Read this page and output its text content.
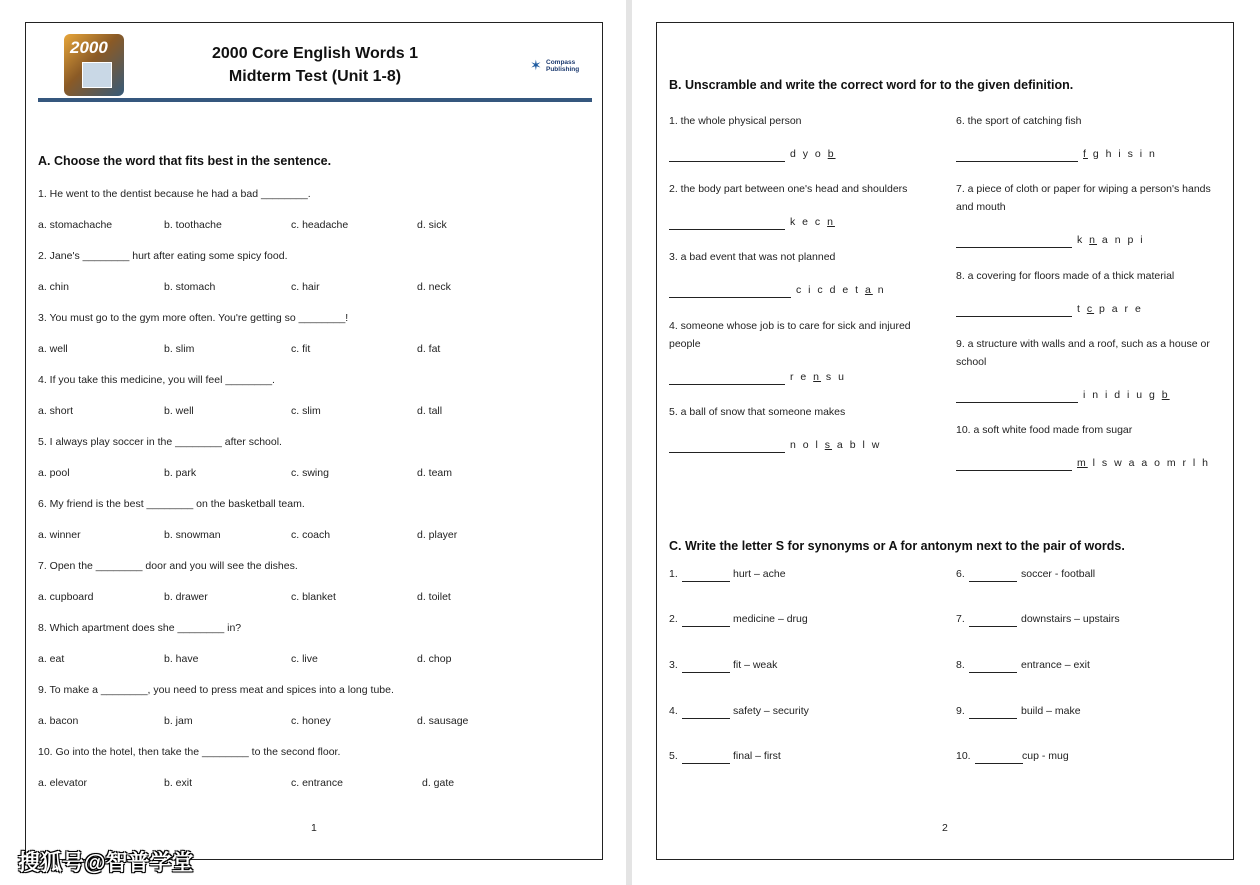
2000	2000 Core English Words 1
Midterm Test (Unit 1-8)
✶ Compass
Publishing
A. Choose the word that fits best in the sentence.
1. He went to the dentist because he had a bad ________.
a. stomachache	b. toothache	c. headache	d. sick
2. Jane's ________ hurt after eating some spicy food.
a. chin	b. stomach	c. hair	d. neck
3. You must go to the gym more often. You're getting so ________!
a. well	b. slim	c. fit	d. fat
4. If you take this medicine, you will feel ________.
a. short	b. well	c. slim	d. tall
5. I always play soccer in the ________ after school.
a. pool	b. park	c. swing	d. team
6. My friend is the best ________ on the basketball team.
a. winner	b. snowman	c. coach	d. player
7. Open the ________ door and you will see the dishes.
a. cupboard	b. drawer	c. blanket	d. toilet
8. Which apartment does she ________ in?
a. eat	b. have	c. live	d. chop
9. To make a ________, you need to press meat and spices into a long tube.
a. bacon	b. jam	c. honey	d. sausage
10. Go into the hotel, then take the ________ to the second floor.
a. elevator	b. exit	c. entrance	d. gate
1
B. Unscramble and write the correct word for to the given definition.
1. the whole physical person
d y o b
2. the body part between one's head and shoulders
k e c n
3. a bad event that was not planned
c i c d e t a n
4. someone whose job is to care for sick and injured people
r e n s u
5. a ball of snow that someone makes
n o l s a b l w
6. the sport of catching fish
f g h i s i n
7. a piece of cloth or paper for wiping a person's hands and mouth
k n a n p i
8. a covering for floors made of a thick material
t c p a r e
9. a structure with walls and a roof, such as a house or school
i n i d i u g b
10. a soft white food made from sugar
m l s w a a o m r l h
C. Write the letter S for synonyms or A for antonym next to the pair of words.
1.	hurt – ache
2.	medicine – drug
3.	fit – weak
4.	safety – security
5.	final – first
6.	soccer - football
7.	downstairs – upstairs
8.	entrance – exit
9.	build – make
10.	cup - mug
2
搜狐号@智普学堂
